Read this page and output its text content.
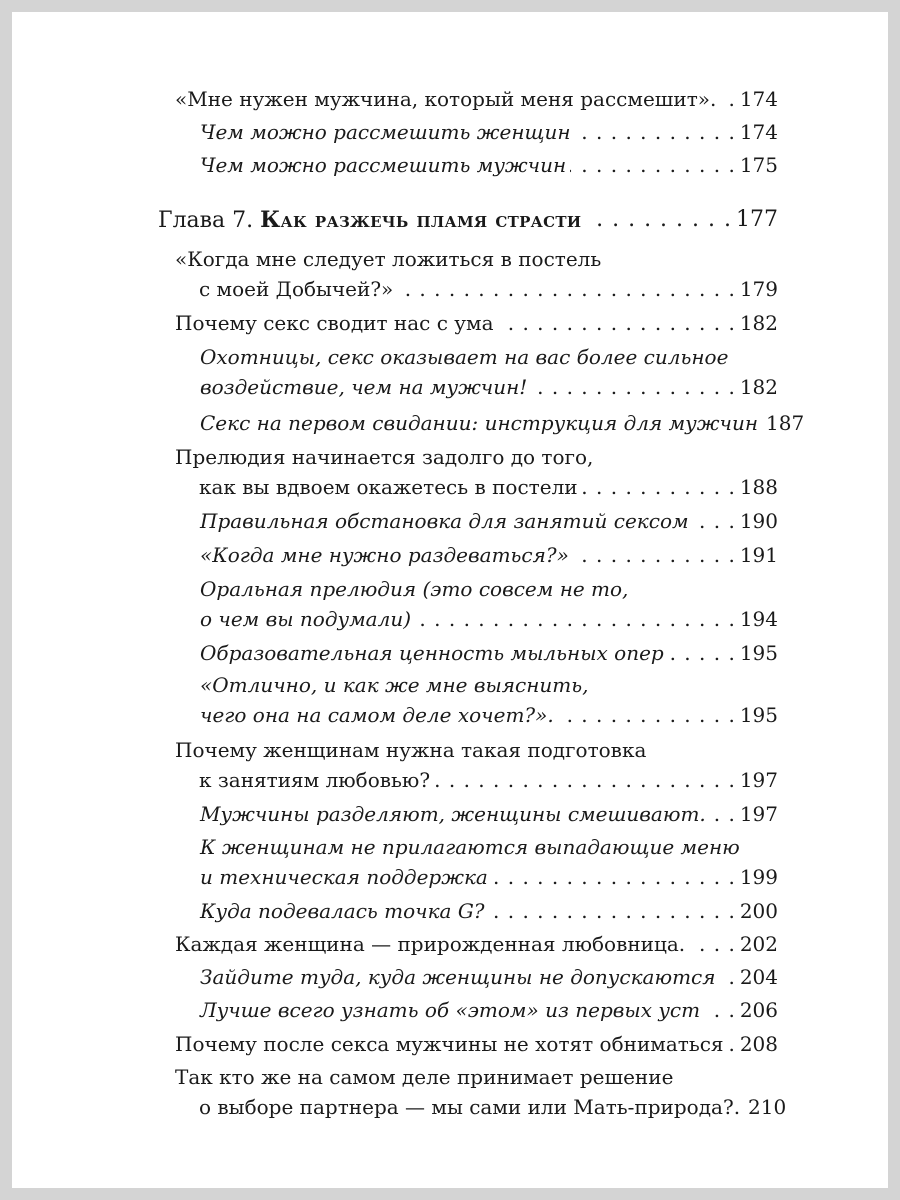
«Мне нужен мужчина, который меня рассмешит». . . . 174
Чем можно рассмешить женщин . . .	174
Чем можно рассмешить мужчин . . .	175
Глава 7. Как разжечь пламя страсти . . .	177
«Когда мне следует ложиться в постель
с моей Добычей?» . . .	179
Почему секс сводит нас с ума . . .	182
Охотницы, секс оказывает на вас более сильное
воздействие, чем на мужчин! . . .	182
Секс на первом свидании: инструкция для мужчин 187
Прелюдия начинается задолго до того,
как вы вдвоем окажетесь в постели . . .	188
Правильная обстановка для занятий сексом . . .	190
«Когда мне нужно раздеваться?» . . .	191
Оральная прелюдия (это совсем не то,
о чем вы подумали) . . .	194
Образовательная ценность мыльных опер . . .	195
«Отлично, и как же мне выяснить,
чего она на самом деле хочет?». . . .	195
Почему женщинам нужна такая подготовка
к занятиям любовью? . . .	197
Мужчины разделяют, женщины смешивают. . . . 197
К женщинам не прилагаются выпадающие меню
и техническая поддержка . . .	199
Куда подевалась точка G? . . .	200
Каждая женщина — прирожденная любовница. . . .	202
Зайдите туда, куда женщины не допускаются . . . 204
Лучше всего узнать об «этом» из первых уст . . . 206
Почему после секса мужчины не хотят обниматься . . . 208
Так кто же на самом деле принимает решение
о выборе партнера — мы сами или Мать-природа?. 210
